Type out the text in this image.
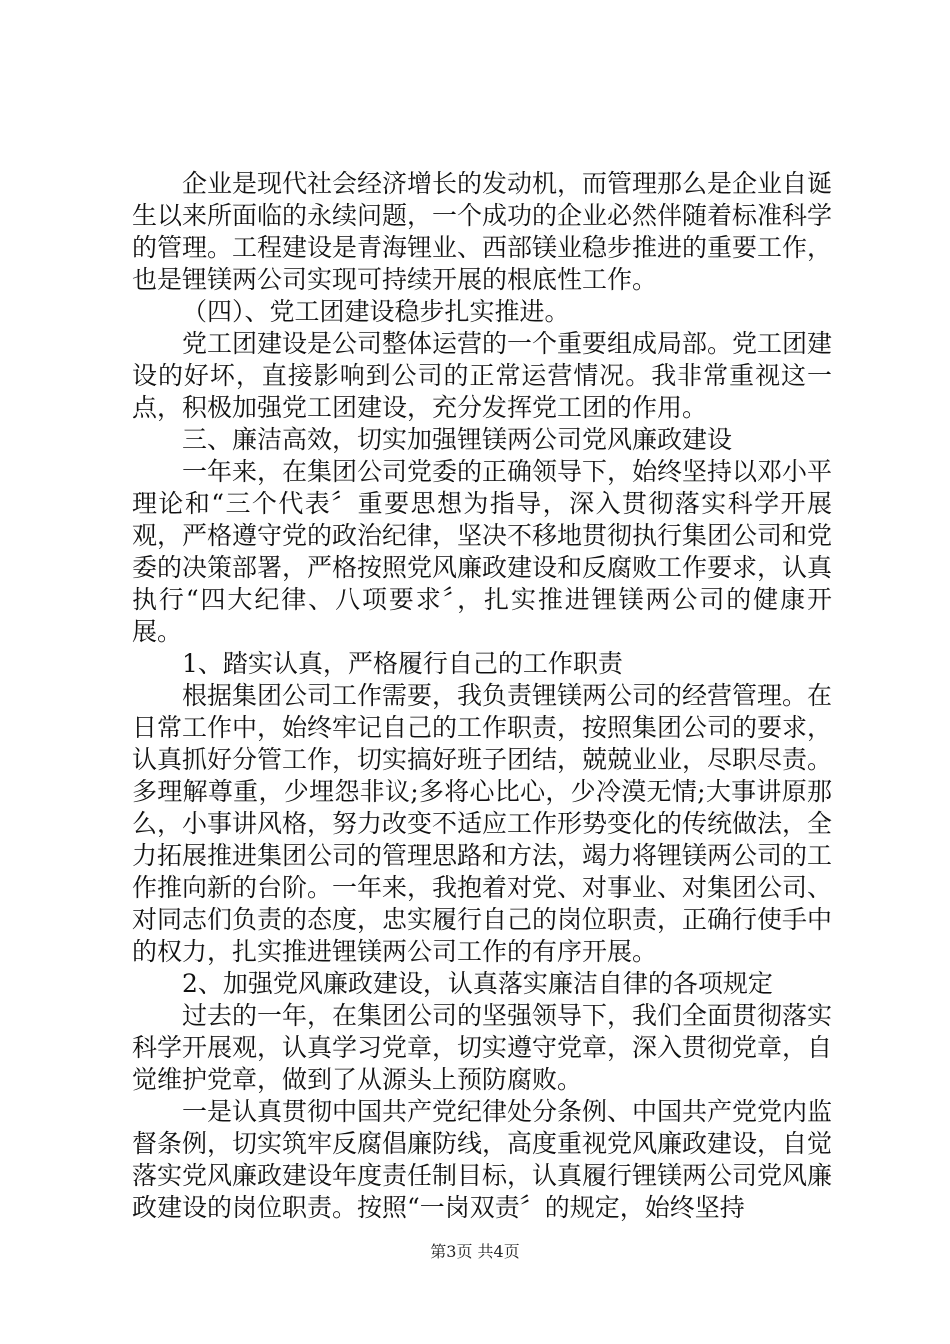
企业是现代社会经济增长的发动机，而管理那么是企业自诞生以来所面临的永续问题，一个成功的企业必然伴随着标准科学的管理。工程建设是青海锂业、西部镁业稳步推进的重要工作，也是锂镁两公司实现可持续开展的根底性工作。

（四）、党工团建设稳步扎实推进。

党工团建设是公司整体运营的一个重要组成局部。党工团建设的好坏，直接影响到公司的正常运营情况。我非常重视这一点，积极加强党工团建设，充分发挥党工团的作用。

三、廉洁高效，切实加强锂镁两公司党风廉政建设

一年来，在集团公司党委的正确领导下，始终坚持以邓小平理论和“三个代表〞重要思想为指导，深入贯彻落实科学开展观，严格遵守党的政治纪律，坚决不移地贯彻执行集团公司和党委的决策部署，严格按照党风廉政建设和反腐败工作要求，认真执行“四大纪律、八项要求〞，扎实推进锂镁两公司的健康开展。

1、踏实认真，严格履行自己的工作职责

根据集团公司工作需要，我负责锂镁两公司的经营管理。在日常工作中，始终牢记自己的工作职责，按照集团公司的要求，认真抓好分管工作，切实搞好班子团结，兢兢业业，尽职尽责。多理解尊重，少埋怨非议;多将心比心，少冷漠无情;大事讲原那么，小事讲风格，努力改变不适应工作形势变化的传统做法，全力拓展推进集团公司的管理思路和方法，竭力将锂镁两公司的工作推向新的台阶。一年来，我抱着对党、对事业、对集团公司、对同志们负责的态度，忠实履行自己的岗位职责，正确行使手中的权力，扎实推进锂镁两公司工作的有序开展。

2、加强党风廉政建设，认真落实廉洁自律的各项规定

过去的一年，在集团公司的坚强领导下，我们全面贯彻落实科学开展观，认真学习党章，切实遵守党章，深入贯彻党章，自觉维护党章，做到了从源头上预防腐败。

一是认真贯彻中国共产党纪律处分条例、中国共产党党内监督条例，切实筑牢反腐倡廉防线，高度重视党风廉政建设，自觉落实党风廉政建设年度责任制目标，认真履行锂镁两公司党风廉政建设的岗位职责。按照“一岗双责〞的规定，始终坚持

第3页 共4页
